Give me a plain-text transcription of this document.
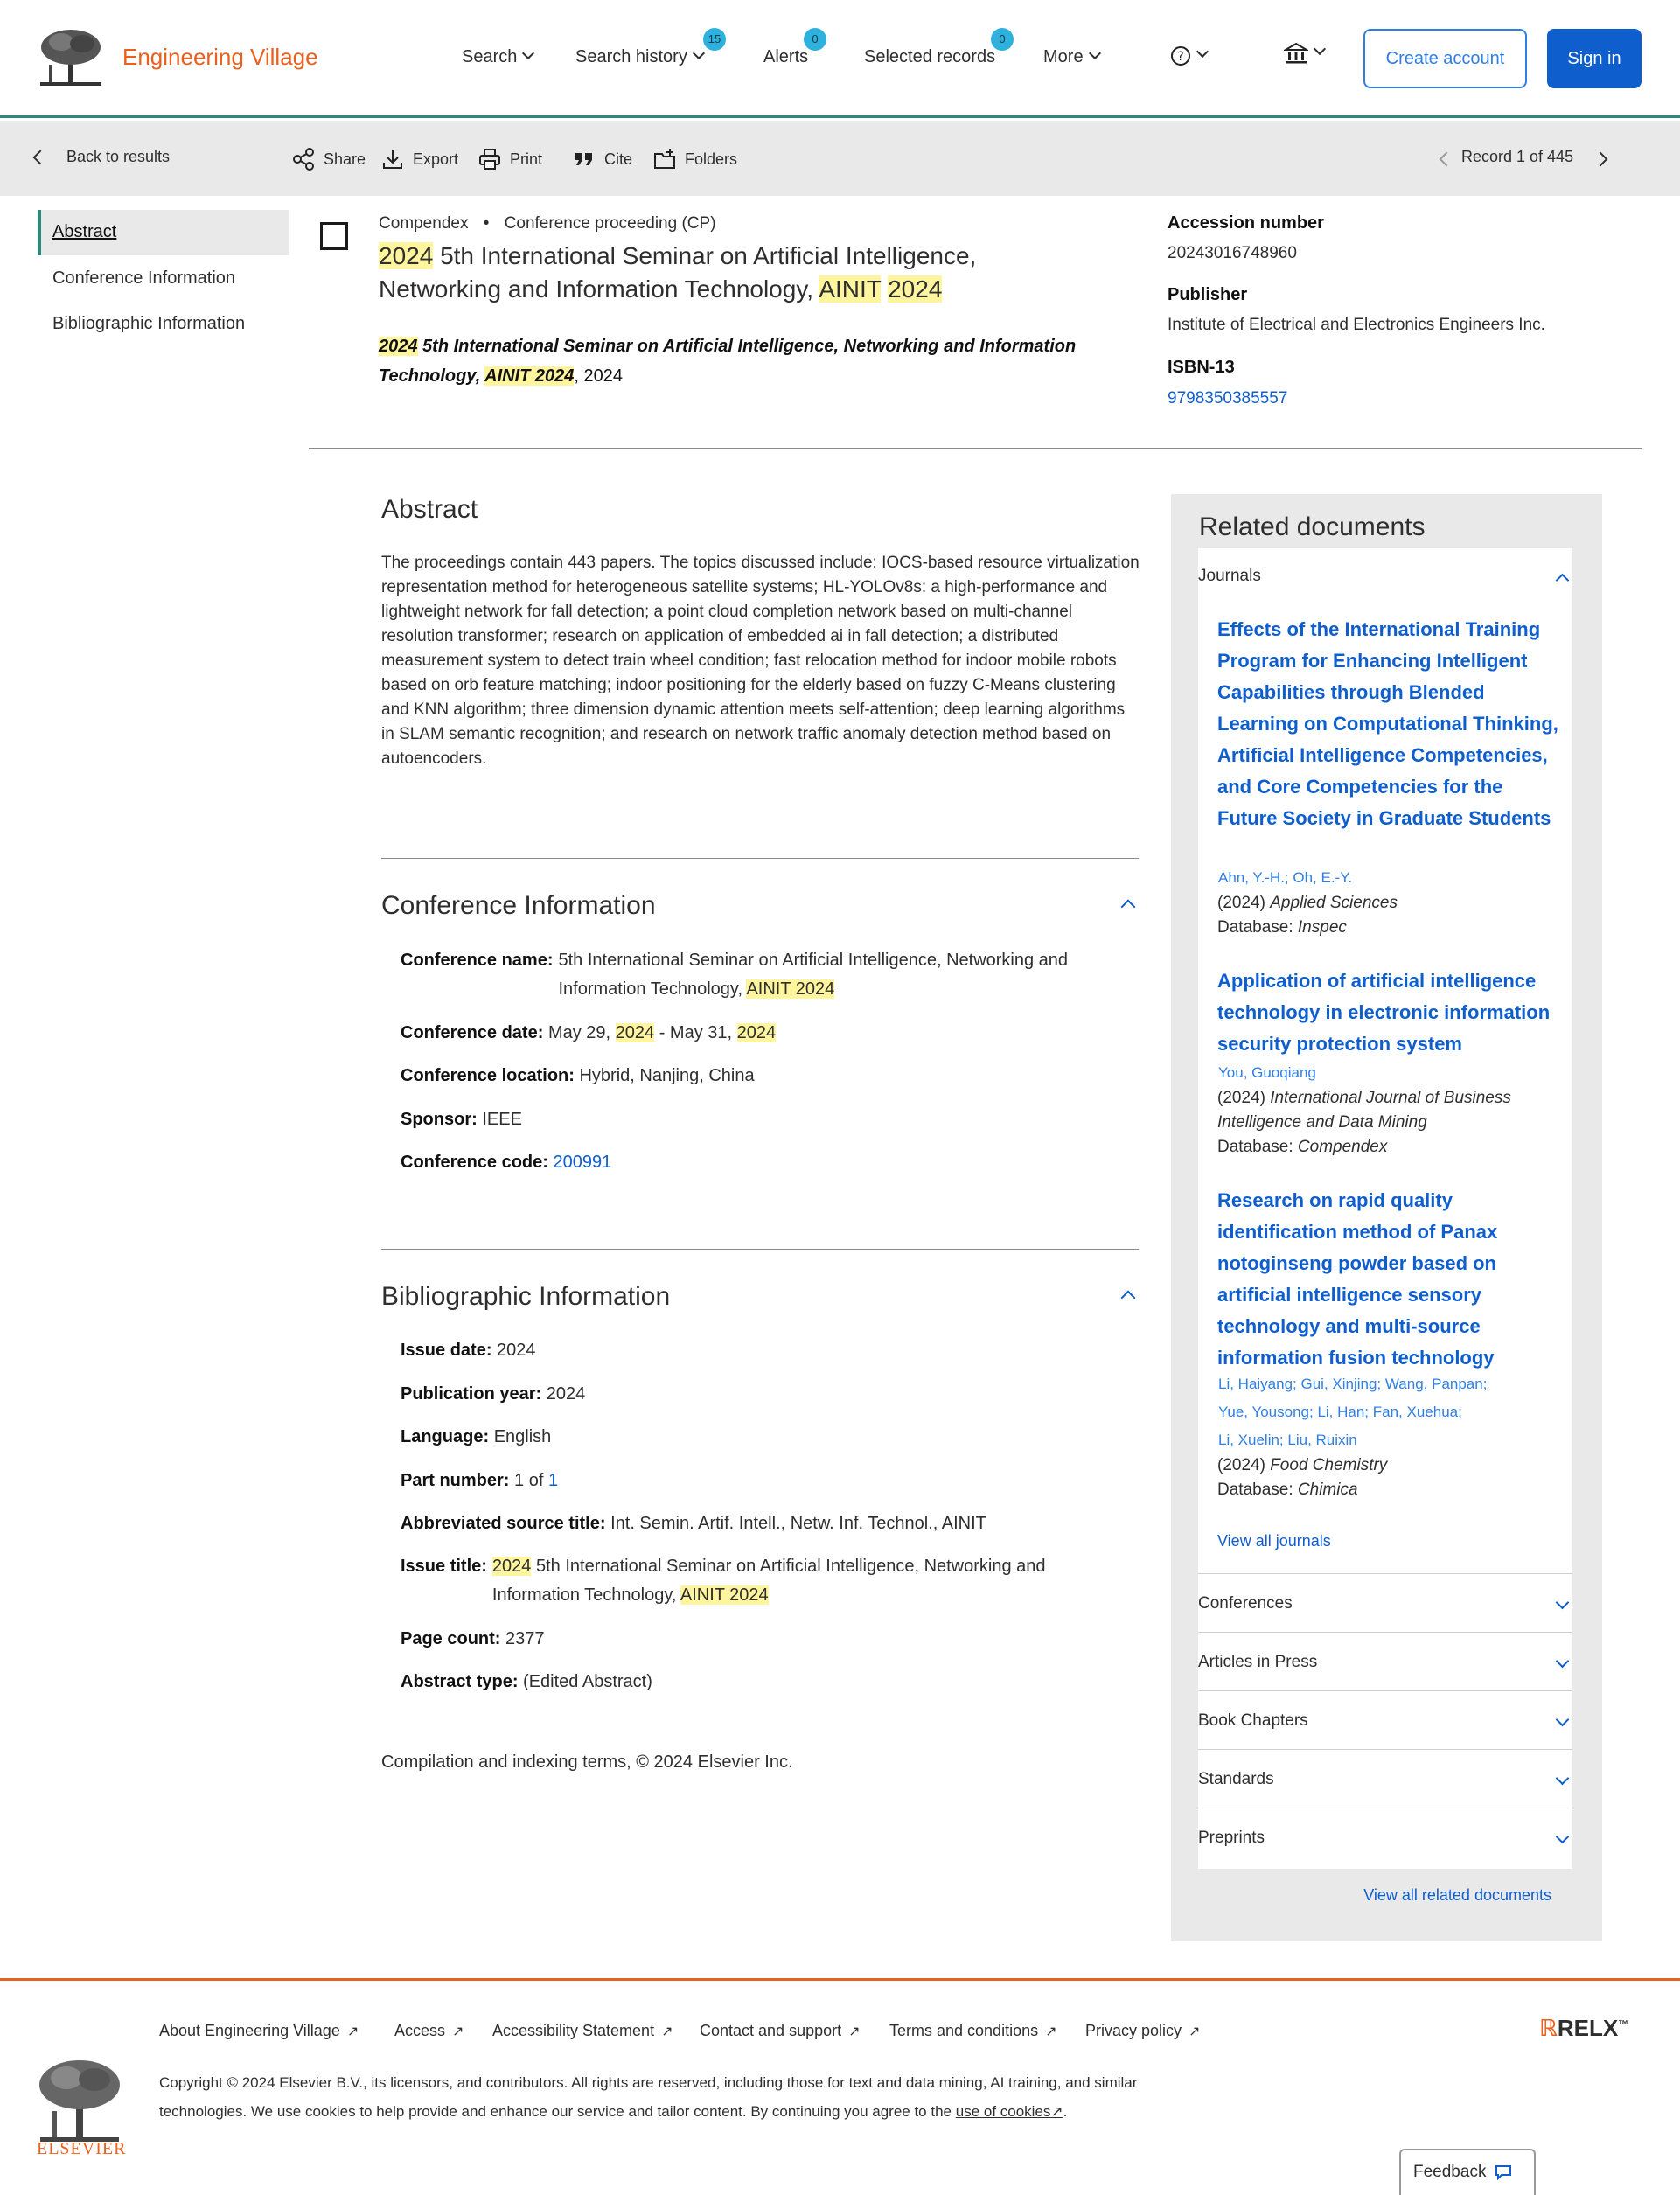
Engineering Village	Search	Search history
15
Alerts
0
Selected records
0
More	?	Create account	Sign in
Back to results	Share	Export	Print	Cite	Folders	Record 1 of 445
Abstract
Conference Information
Bibliographic Information
Compendex • Conference proceeding (CP)
2024 5th International Seminar on Artificial Intelligence, Networking and Information Technology, AINIT 2024
2024 5th International Seminar on Artificial Intelligence, Networking and Information Technology, AINIT 2024, 2024
Accession number
20243016748960
Publisher
Institute of Electrical and Electronics Engineers Inc.
ISBN-13
9798350385557
Abstract

The proceedings contain 443 papers. The topics discussed include: IOCS-based resource virtualization representation method for heterogeneous satellite systems; HL-YOLOv8s: a high-performance and lightweight network for fall detection; a point cloud completion network based on multi-channel resolution transformer; research on application of embedded ai in fall detection; a distributed measurement system to detect train wheel condition; fast relocation method for indoor mobile robots based on orb feature matching; indoor positioning for the elderly based on fuzzy C-Means clustering and KNN algorithm; three dimension dynamic attention meets self-attention; deep learning algorithms in SLAM semantic recognition; and research on network traffic anomaly detection method based on autoencoders.

Conference Information
Conference name: 5th International Seminar on Artificial Intelligence, Networking and
Information Technology, AINIT 2024
Conference date: May 29, 2024 - May 31, 2024
Conference location: Hybrid, Nanjing, China
Sponsor: IEEE
Conference code: 200991
Bibliographic Information
Issue date: 2024
Publication year: 2024
Language: English
Part number: 1 of 1
Abbreviated source title: Int. Semin. Artif. Intell., Netw. Inf. Technol., AINIT
Issue title: 2024 5th International Seminar on Artificial Intelligence, Networking and
Information Technology, AINIT 2024
Page count: 2377
Abstract type: (Edited Abstract)

Compilation and indexing terms, © 2024 Elsevier Inc.

Related documents
Journals
Effects of the International Training Program for Enhancing Intelligent Capabilities through Blended Learning on Computational Thinking, Artificial Intelligence Competencies, and Core Competencies for the Future Society in Graduate Students
Ahn, Y.-H.; Oh, E.-Y.
(2024) Applied Sciences
Database: Inspec
Application of artificial intelligence technology in electronic information security protection system
You, Guoqiang
(2024) International Journal of Business Intelligence and Data Mining
Database: Compendex
Research on rapid quality identification method of Panax notoginseng powder based on artificial intelligence sensory technology and multi-source information fusion technology
Li, Haiyang; Gui, Xinjing; Wang, Panpan;
Yue, Yousong; Li, Han; Fan, Xuehua;
Li, Xuelin; Liu, Ruixin
(2024) Food Chemistry
Database: Chimica
View all journals
Conferences
Articles in Press
Book Chapters
Standards
Preprints
View all related documents
About Engineering Village ↗ Access ↗ Accessibility Statement ↗ Contact and support ↗ Terms and conditions ↗ Privacy policy ↗	ℝRELX™
ELSEVIER

Copyright © 2024 Elsevier B.V., its licensors, and contributors. All rights are reserved, including those for text and data mining, AI training, and similar technologies. We use cookies to help provide and enhance our service and tailor content. By continuing you agree to the use of cookies↗.

Feedback
